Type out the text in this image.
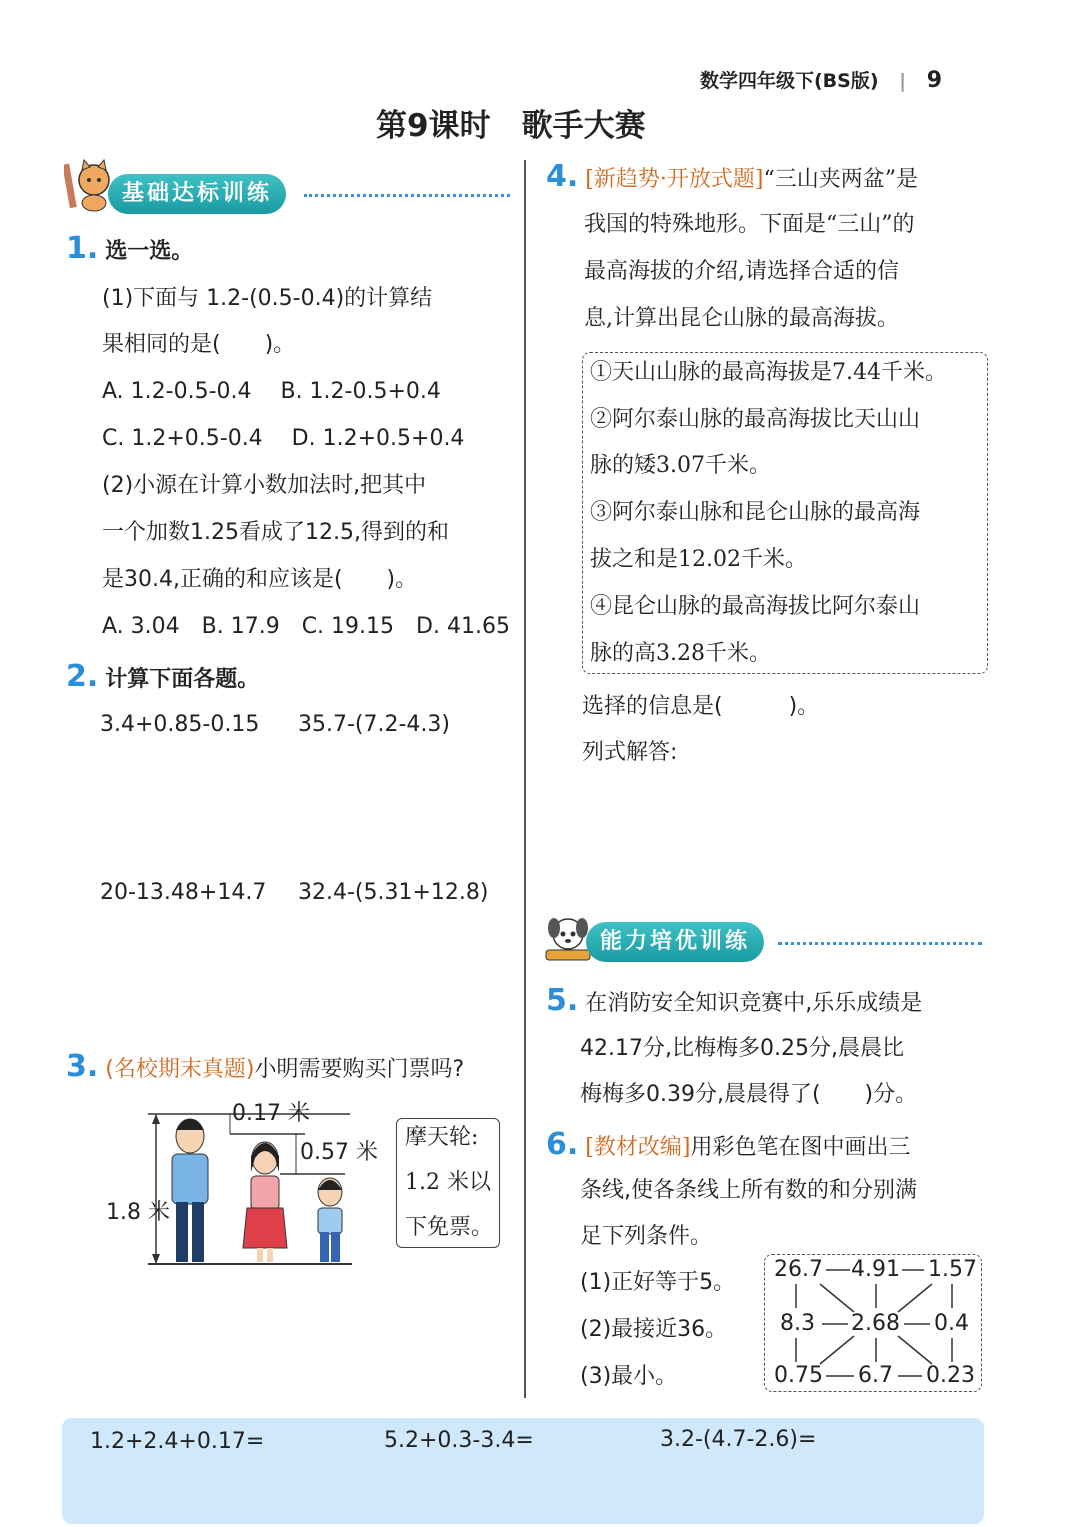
数学四年级下(BS版) | 9
第9课时　歌手大赛
基础达标训练
1. 选一选。
(1)下面与 1.2-(0.5-0.4)的计算结
果相同的是(　　)。
A. 1.2-0.5-0.4　 B. 1.2-0.5+0.4
C. 1.2+0.5-0.4　 D. 1.2+0.5+0.4
(2)小源在计算小数加法时,把其中
一个加数1.25看成了12.5,得到的和
是30.4,正确的和应该是(　　)。
A. 3.04　B. 17.9　C. 19.15　D. 41.65
2. 计算下面各题。
3.4+0.85-0.15 35.7-(7.2-4.3)
20-13.48+14.7 32.4-(5.31+12.8)
3. (名校期末真题)小明需要购买门票吗?
1.8 米
0.17 米
0.57 米
摩天轮:
1.2 米以
下免票。
4. [新趋势·开放式题]“三山夹两盆”是
我国的特殊地形。下面是“三山”的
最高海拔的介绍,请选择合适的信
息,计算出昆仑山脉的最高海拔。
①天山山脉的最高海拔是7.44千米。
②阿尔泰山脉的最高海拔比天山山
脉的矮3.07千米。
③阿尔泰山脉和昆仑山脉的最高海
拔之和是12.02千米。
④昆仑山脉的最高海拔比阿尔泰山
脉的高3.28千米。
选择的信息是(　　　)。
列式解答:
能力培优训练
5. 在消防安全知识竞赛中,乐乐成绩是
42.17分,比梅梅多0.25分,晨晨比
梅梅多0.39分,晨晨得了(　　)分。
6. [教材改编]用彩色笔在图中画出三
条线,使各条线上所有数的和分别满
足下列条件。
(1)正好等于5。
(2)最接近36。
(3)最小。
26.7 4.91 1.57
8.3 2.68 0.4
0.75 6.7 0.23
1.2+2.4+0.17=	5.2+0.3-3.4=	3.2-(4.7-2.6)=
